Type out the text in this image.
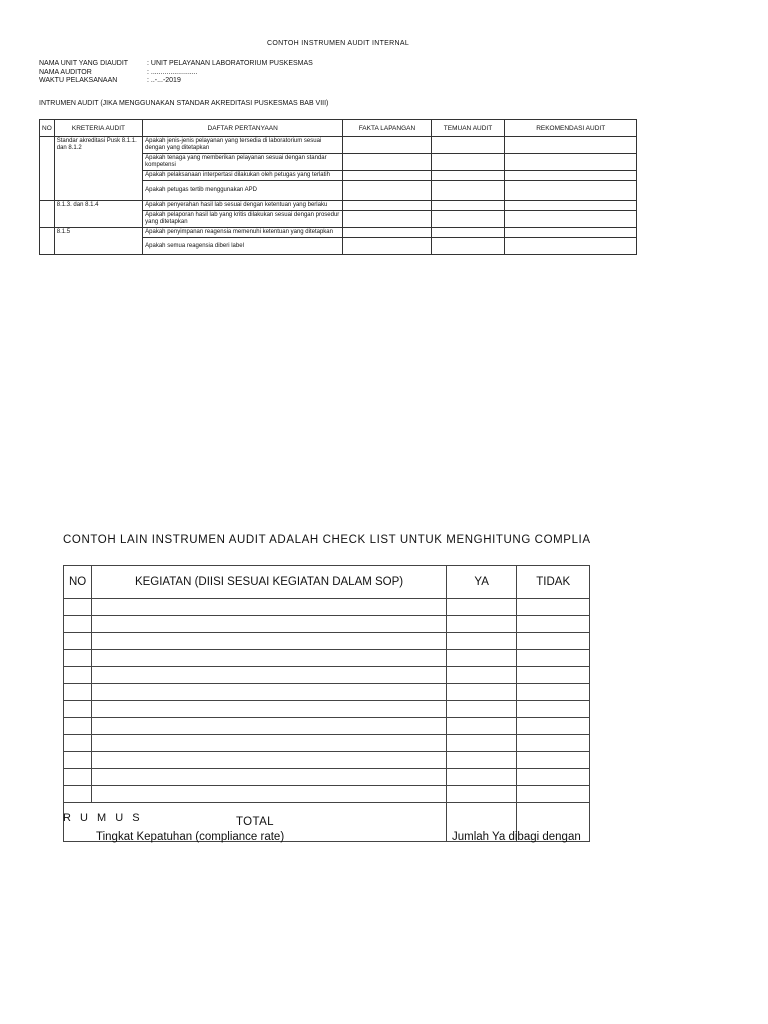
CONTOH INSTRUMEN AUDIT INTERNAL
NAMA UNIT YANG DIAUDIT	: UNIT PELAYANAN LABORATORIUM PUSKESMAS
NAMA AUDITOR	: ........................
WAKTU PELAKSANAAN	: ..-...-2019
INTRUMEN AUDIT (JIKA MENGGUNAKAN STANDAR AKREDITASI PUSKESMAS BAB VIII)
NO	KRETERIA AUDIT	DAFTAR PERTANYAAN	FAKTA LAPANGAN	TEMUAN AUDIT	REKOMENDASI AUDIT
	Standar akreditasi Pusk 8.1.1. dan 8.1.2	Apakah jenis-jenis pelayanan yang tersedia di laboratorium sesuai dengan yang ditetapkan			
		Apakah tenaga yang memberikan pelayanan sesuai dengan standar kompetensi			
		Apakah pelaksanaan interpertasi dilakukan oleh petugas yang terlatih			
		Apakah petugas tertib menggunakan APD			
	8.1.3. dan 8.1.4	Apakah penyerahan hasil lab sesuai dengan ketentuan yang berlaku			
		Apakah pelaporan hasil lab yang kritis dilakukan sesuai dengan prosedur yang ditetapkan			
	8.1.5	Apakah penyimpanan reagensia memenuhi ketentuan yang ditetapkan			
		Apakah semua reagensia diberi label			
CONTOH LAIN INSTRUMEN AUDIT ADALAH CHECK LIST UNTUK MENGHITUNG COMPLIA
NO	KEGIATAN (DIISI SESUAI KEGIATAN DALAM SOP)	YA	TIDAK

TOTAL			
R U M U S
Tingkat Kepatuhan (compliance rate)	Jumlah Ya dibagi dengan
